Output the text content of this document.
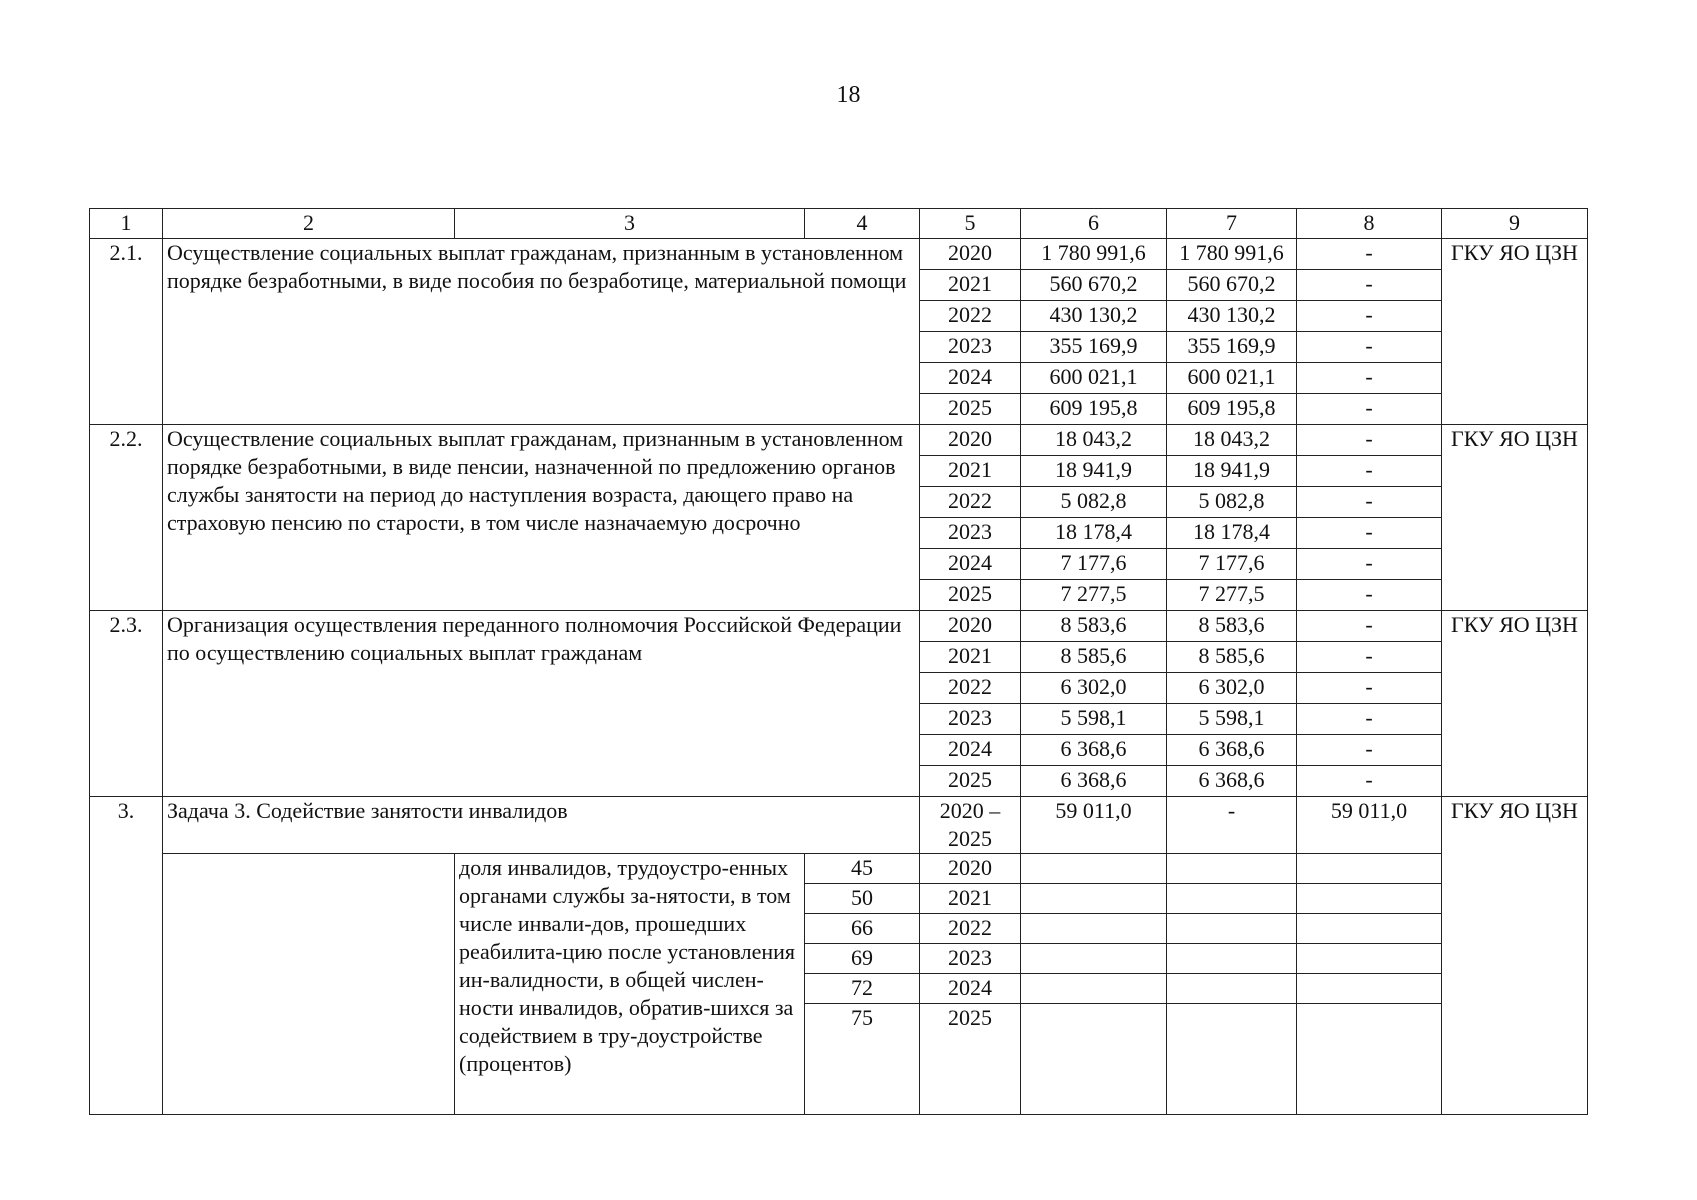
18
1	2	3	4	5	6	7	8	9
2.1.	Осуществление социальных выплат гражданам, признанным в установленном порядке безработными, в виде пособия по безработице, материальной помощи			2020	1 780 991,6	1 780 991,6	-	ГКУ ЯО ЦЗН
				2021	560 670,2	560 670,2	-	
				2022	430 130,2	430 130,2	-	
				2023	355 169,9	355 169,9	-	
				2024	600 021,1	600 021,1	-	
				2025	609 195,8	609 195,8	-	
2.2.	Осуществление социальных выплат гражданам, признанным в установленном порядке безработными, в виде пенсии, назначенной по предложению органов службы занятости на период до наступления возраста, дающего право на страховую пенсию по старости, в том числе назначаемую досрочно			2020	18 043,2	18 043,2	-	ГКУ ЯО ЦЗН
				2021	18 941,9	18 941,9	-	
				2022	5 082,8	5 082,8	-	
				2023	18 178,4	18 178,4	-	
				2024	7 177,6	7 177,6	-	
				2025	7 277,5	7 277,5	-	
2.3.	Организация осуществления переданного полномочия Российской Федерации по осуществлению социальных выплат гражданам			2020	8 583,6	8 583,6	-	ГКУ ЯО ЦЗН
				2021	8 585,6	8 585,6	-	
				2022	6 302,0	6 302,0	-	
				2023	5 598,1	5 598,1	-	
				2024	6 368,6	6 368,6	-	
				2025	6 368,6	6 368,6	-	
3.	Задача 3. Содействие занятости инвалидов			2020 – 2025	59 011,0	-	59 011,0	ГКУ ЯО ЦЗН
		доля инвалидов, трудоустро-енных органами службы за-нятости, в том числе инвали-дов, прошедших реабилита-цию после установления ин-валидности, в общей числен-ности инвалидов, обратив-шихся за содействием в тру-доустройстве (процентов)	45	2020				
			50	2021				
			66	2022				
			69	2023				
			72	2024				
			75	2025				
